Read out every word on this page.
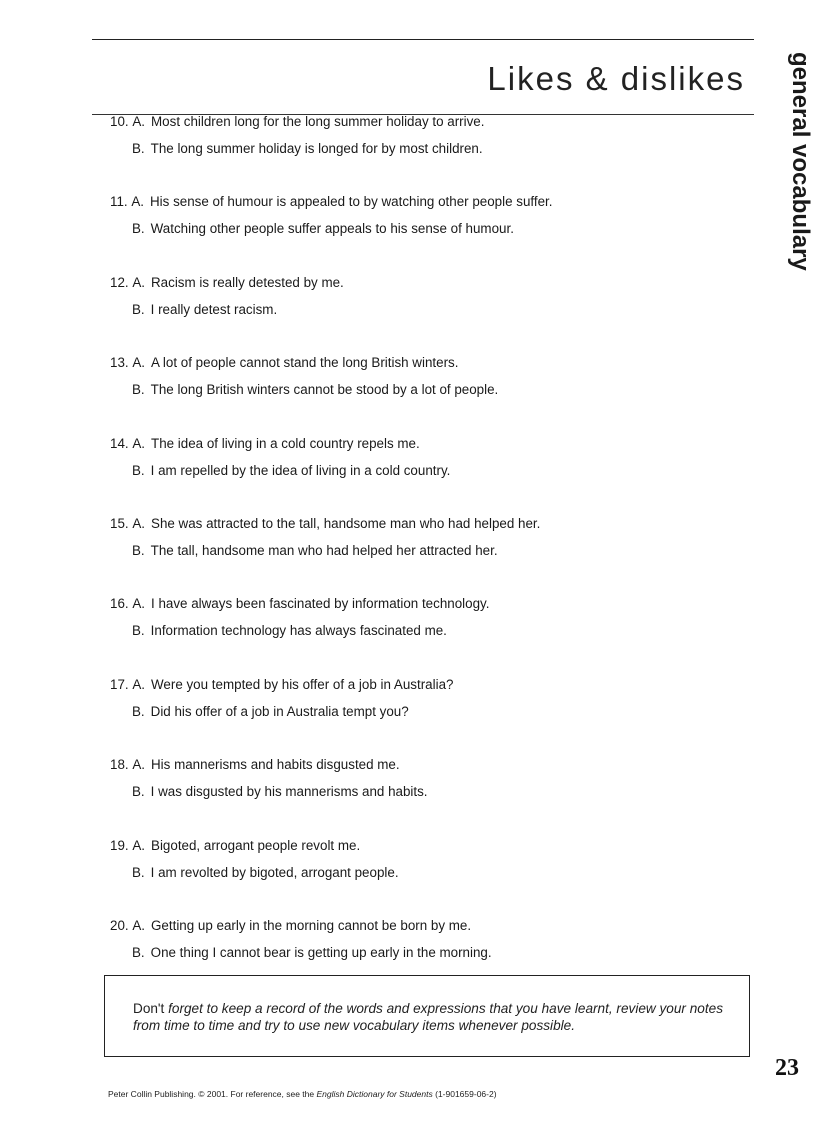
Likes & dislikes general vocabulary
10. A. Most children long for the long summer holiday to arrive.
B. The long summer holiday is longed for by most children.
11. A. His sense of humour is appealed to by watching other people suffer.
B. Watching other people suffer appeals to his sense of humour.
12. A. Racism is really detested by me.
B. I really detest racism.
13. A. A lot of people cannot stand the long British winters.
B. The long British winters cannot be stood by a lot of people.
14. A. The idea of living in a cold country repels me.
B. I am repelled by the idea of living in a cold country.
15. A. She was attracted to the tall, handsome man who had helped her.
B. The tall, handsome man who had helped her attracted her.
16. A. I have always been fascinated by information technology.
B. Information technology has always fascinated me.
17. A. Were you tempted by his offer of a job in Australia?
B. Did his offer of a job in Australia tempt you?
18. A. His mannerisms and habits disgusted me.
B. I was disgusted by his mannerisms and habits.
19. A. Bigoted, arrogant people revolt me.
B. I am revolted by bigoted, arrogant people.
20. A. Getting up early in the morning cannot be born by me.
B. One thing I cannot bear is getting up early in the morning.
Don't forget to keep a record of the words and expressions that you have learnt, review your notes from time to time and try to use new vocabulary items whenever possible.
23
Peter Collin Publishing. © 2001. For reference, see the English Dictionary for Students (1-901659-06-2)
